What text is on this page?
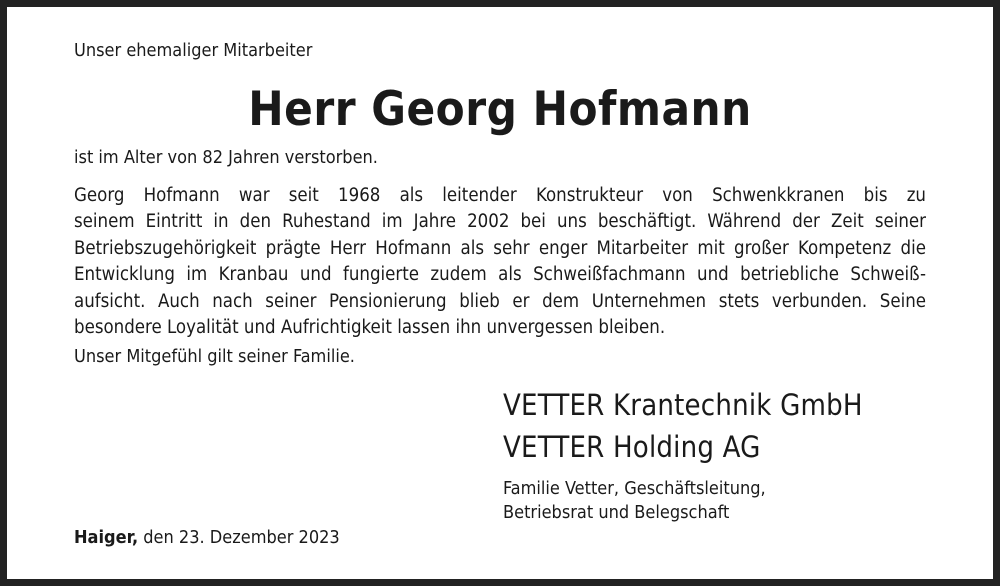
Unser ehemaliger Mitarbeiter
Herr Georg Hofmann
ist im Alter von 82 Jahren verstorben.
Georg Hofmann war seit 1968 als leitender Konstrukteur von Schwenkkranen bis zu
seinem Eintritt in den Ruhestand im Jahre 2002 bei uns beschäftigt. Während der Zeit seiner
Betriebszugehörigkeit prägte Herr Hofmann als sehr enger Mitarbeiter mit großer Kompetenz die
Entwicklung im Kranbau und fungierte zudem als Schweißfachmann und betriebliche Schweiß-
aufsicht. Auch nach seiner Pensionierung blieb er dem Unternehmen stets verbunden. Seine
besondere Loyalität und Aufrichtigkeit lassen ihn unvergessen bleiben.
Unser Mitgefühl gilt seiner Familie.
VETTER Krantechnik GmbH
VETTER Holding AG
Familie Vetter, Geschäftsleitung,
Betriebsrat und Belegschaft
Haiger, den 23. Dezember 2023
